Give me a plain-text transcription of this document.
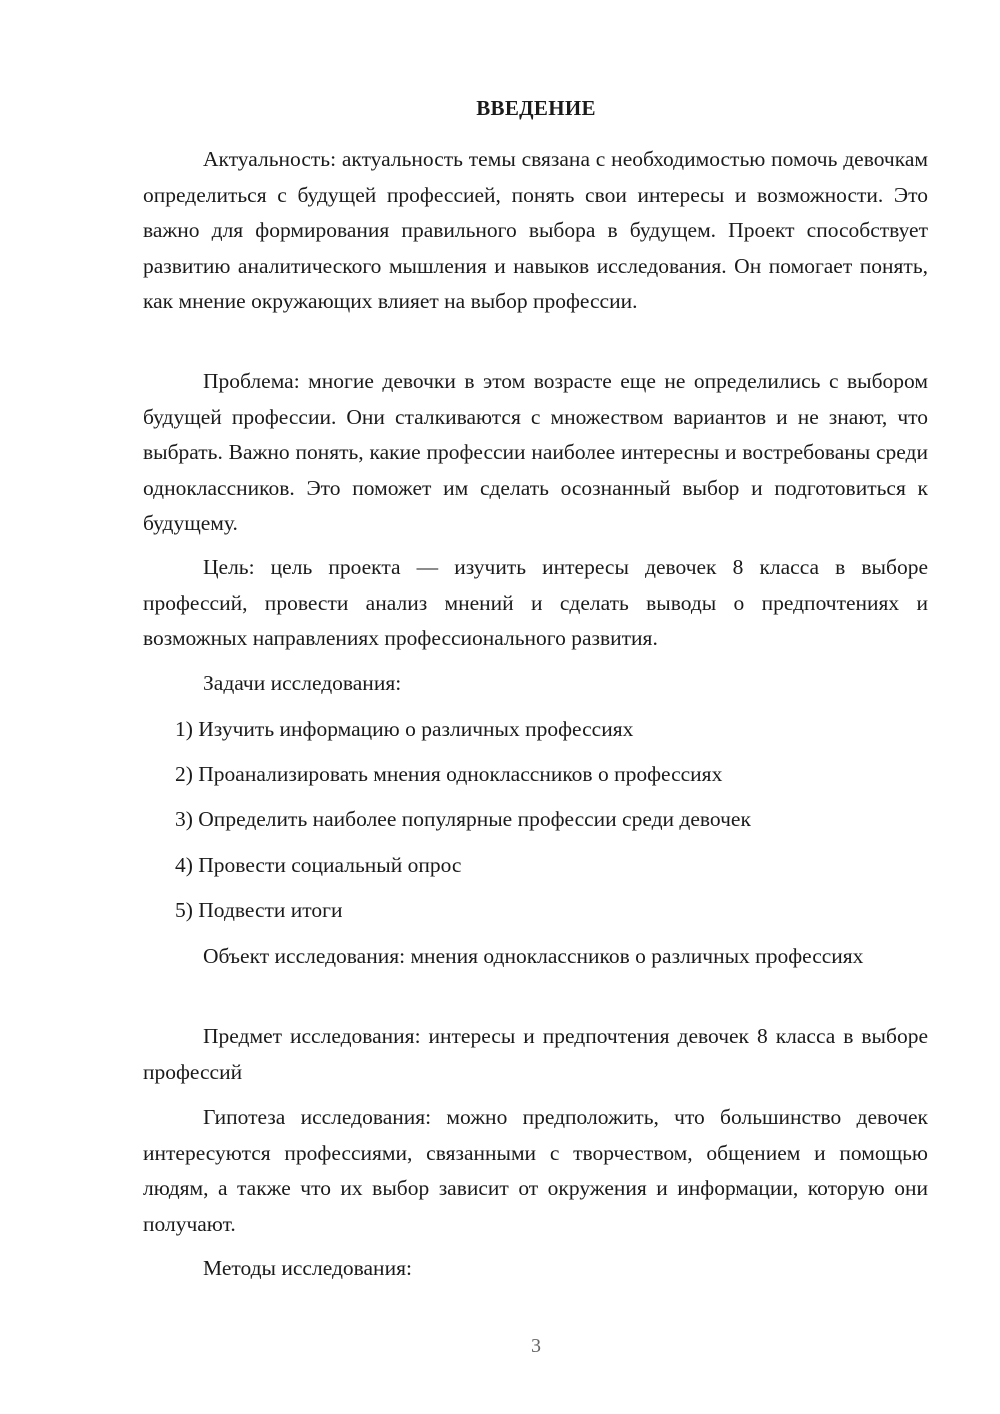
ВВЕДЕНИЕ
Актуальность: актуальность темы связана с необходимостью помочь девочкам определиться с будущей профессией, понять свои интересы и возможности. Это важно для формирования правильного выбора в будущем. Проект способствует развитию аналитического мышления и навыков исследования. Он помогает понять, как мнение окружающих влияет на выбор профессии.
Проблема: многие девочки в этом возрасте еще не определились с выбором будущей профессии. Они сталкиваются с множеством вариантов и не знают, что выбрать. Важно понять, какие профессии наиболее интересны и востребованы среди одноклассников. Это поможет им сделать осознанный выбор и подготовиться к будущему.
Цель: цель проекта — изучить интересы девочек 8 класса в выборе профессий, провести анализ мнений и сделать выводы о предпочтениях и возможных направлениях профессионального развития.
Задачи исследования:
1) Изучить информацию о различных профессиях
2) Проанализировать мнения одноклассников о профессиях
3) Определить наиболее популярные профессии среди девочек
4) Провести социальный опрос
5) Подвести итоги
Объект исследования: мнения одноклассников о различных профессиях
Предмет исследования: интересы и предпочтения девочек 8 класса в выборе профессий
Гипотеза исследования: можно предположить, что большинство девочек интересуются профессиями, связанными с творчеством, общением и помощью людям, а также что их выбор зависит от окружения и информации, которую они получают.
Методы исследования:
3
